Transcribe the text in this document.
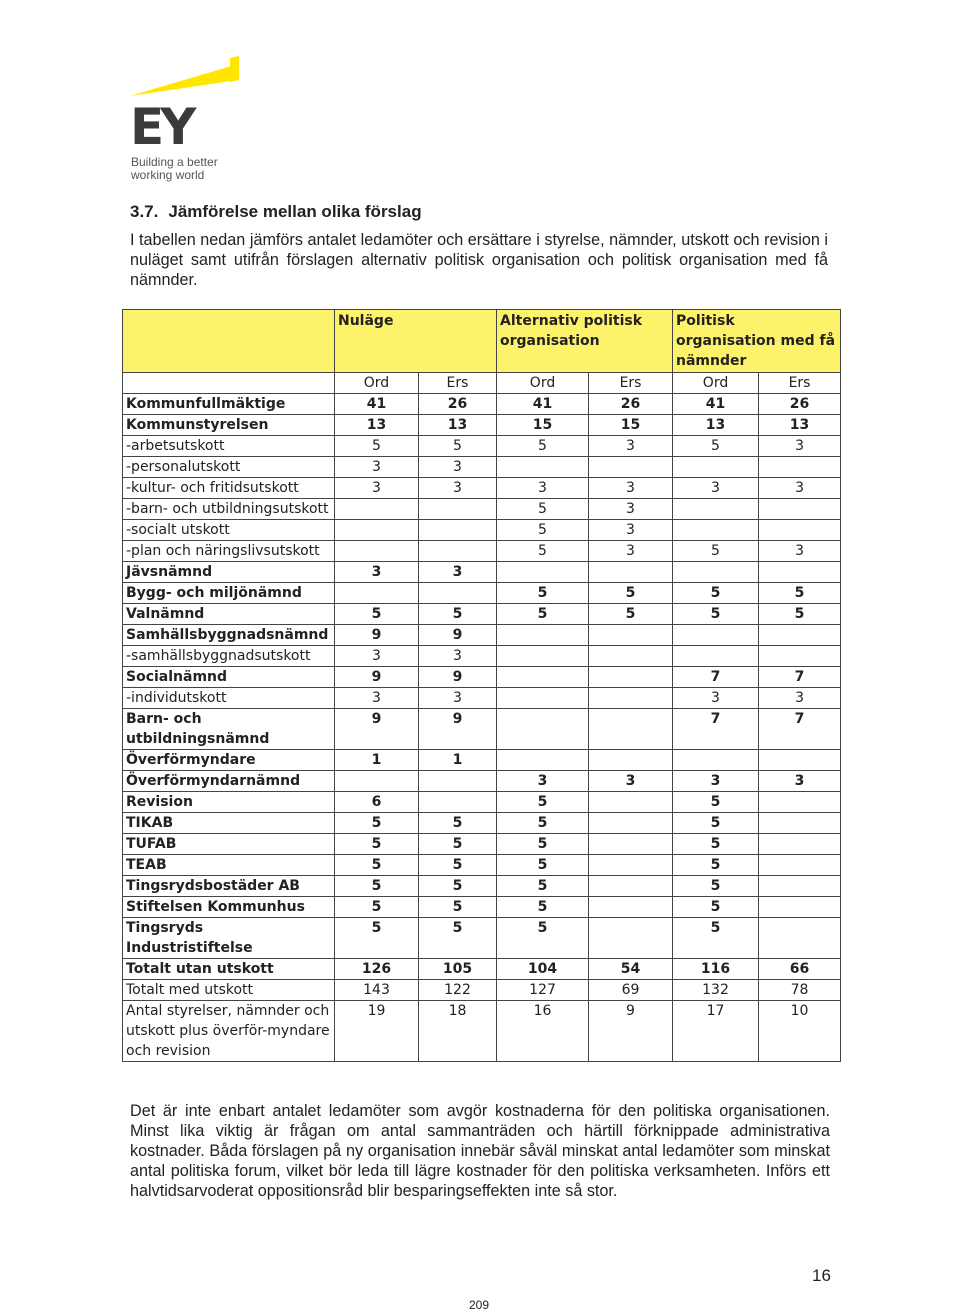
EY
Building a better
working world
3.7. Jämförelse mellan olika förslag
I tabellen nedan jämförs antalet ledamöter och ersättare i styrelse, nämnder, utskott och revision i nuläget samt utifrån förslagen alternativ politisk organisation och politisk organisation med få nämnder.
	Nuläge		Alternativ politisk organisation		Politisk organisation med få nämnder	
	Ord	Ers	Ord	Ers	Ord	Ers
Kommunfullmäktige	41	26	41	26	41	26
Kommunstyrelsen	13	13	15	15	13	13
-arbetsutskott	5	5	5	3	5	3
-personalutskott	3	3				
-kultur- och fritidsutskott	3	3	3	3	3	3
-barn- och utbildningsutskott			5	3		
-socialt utskott			5	3		
-plan och näringslivsutskott			5	3	5	3
Jävsnämnd	3	3				
Bygg- och miljönämnd			5	5	5	5
Valnämnd	5	5	5	5	5	5
Samhällsbyggnadsnämnd	9	9				
-samhällsbyggnadsutskott	3	3				
Socialnämnd	9	9			7	7
-individutskott	3	3			3	3
Barn- och utbildningsnämnd	9	9			7	7
Överförmyndare	1	1				
Överförmyndarnämnd			3	3	3	3
Revision	6		5		5	
TIKAB	5	5	5		5	
TUFAB	5	5	5		5	
TEAB	5	5	5		5	
Tingsrydsbostäder AB	5	5	5		5	
Stiftelsen Kommunhus	5	5	5		5	
Tingsryds Industristiftelse	5	5	5		5	
Totalt utan utskott	126	105	104	54	116	66
Totalt med utskott	143	122	127	69	132	78
Antal styrelser, nämnder och utskott plus överför-myndare och revision	19	18	16	9	17	10
Det är inte enbart antalet ledamöter som avgör kostnaderna för den politiska organisationen. Minst lika viktig är frågan om antal sammanträden och härtill förknippade administrativa kostnader. Båda förslagen på ny organisation innebär såväl minskat antal ledamöter som minskat antal politiska forum, vilket bör leda till lägre kostnader för den politiska verksamheten. Införs ett halvtidsarvoderat oppositionsråd blir besparingseffekten inte så stor.
16
209
